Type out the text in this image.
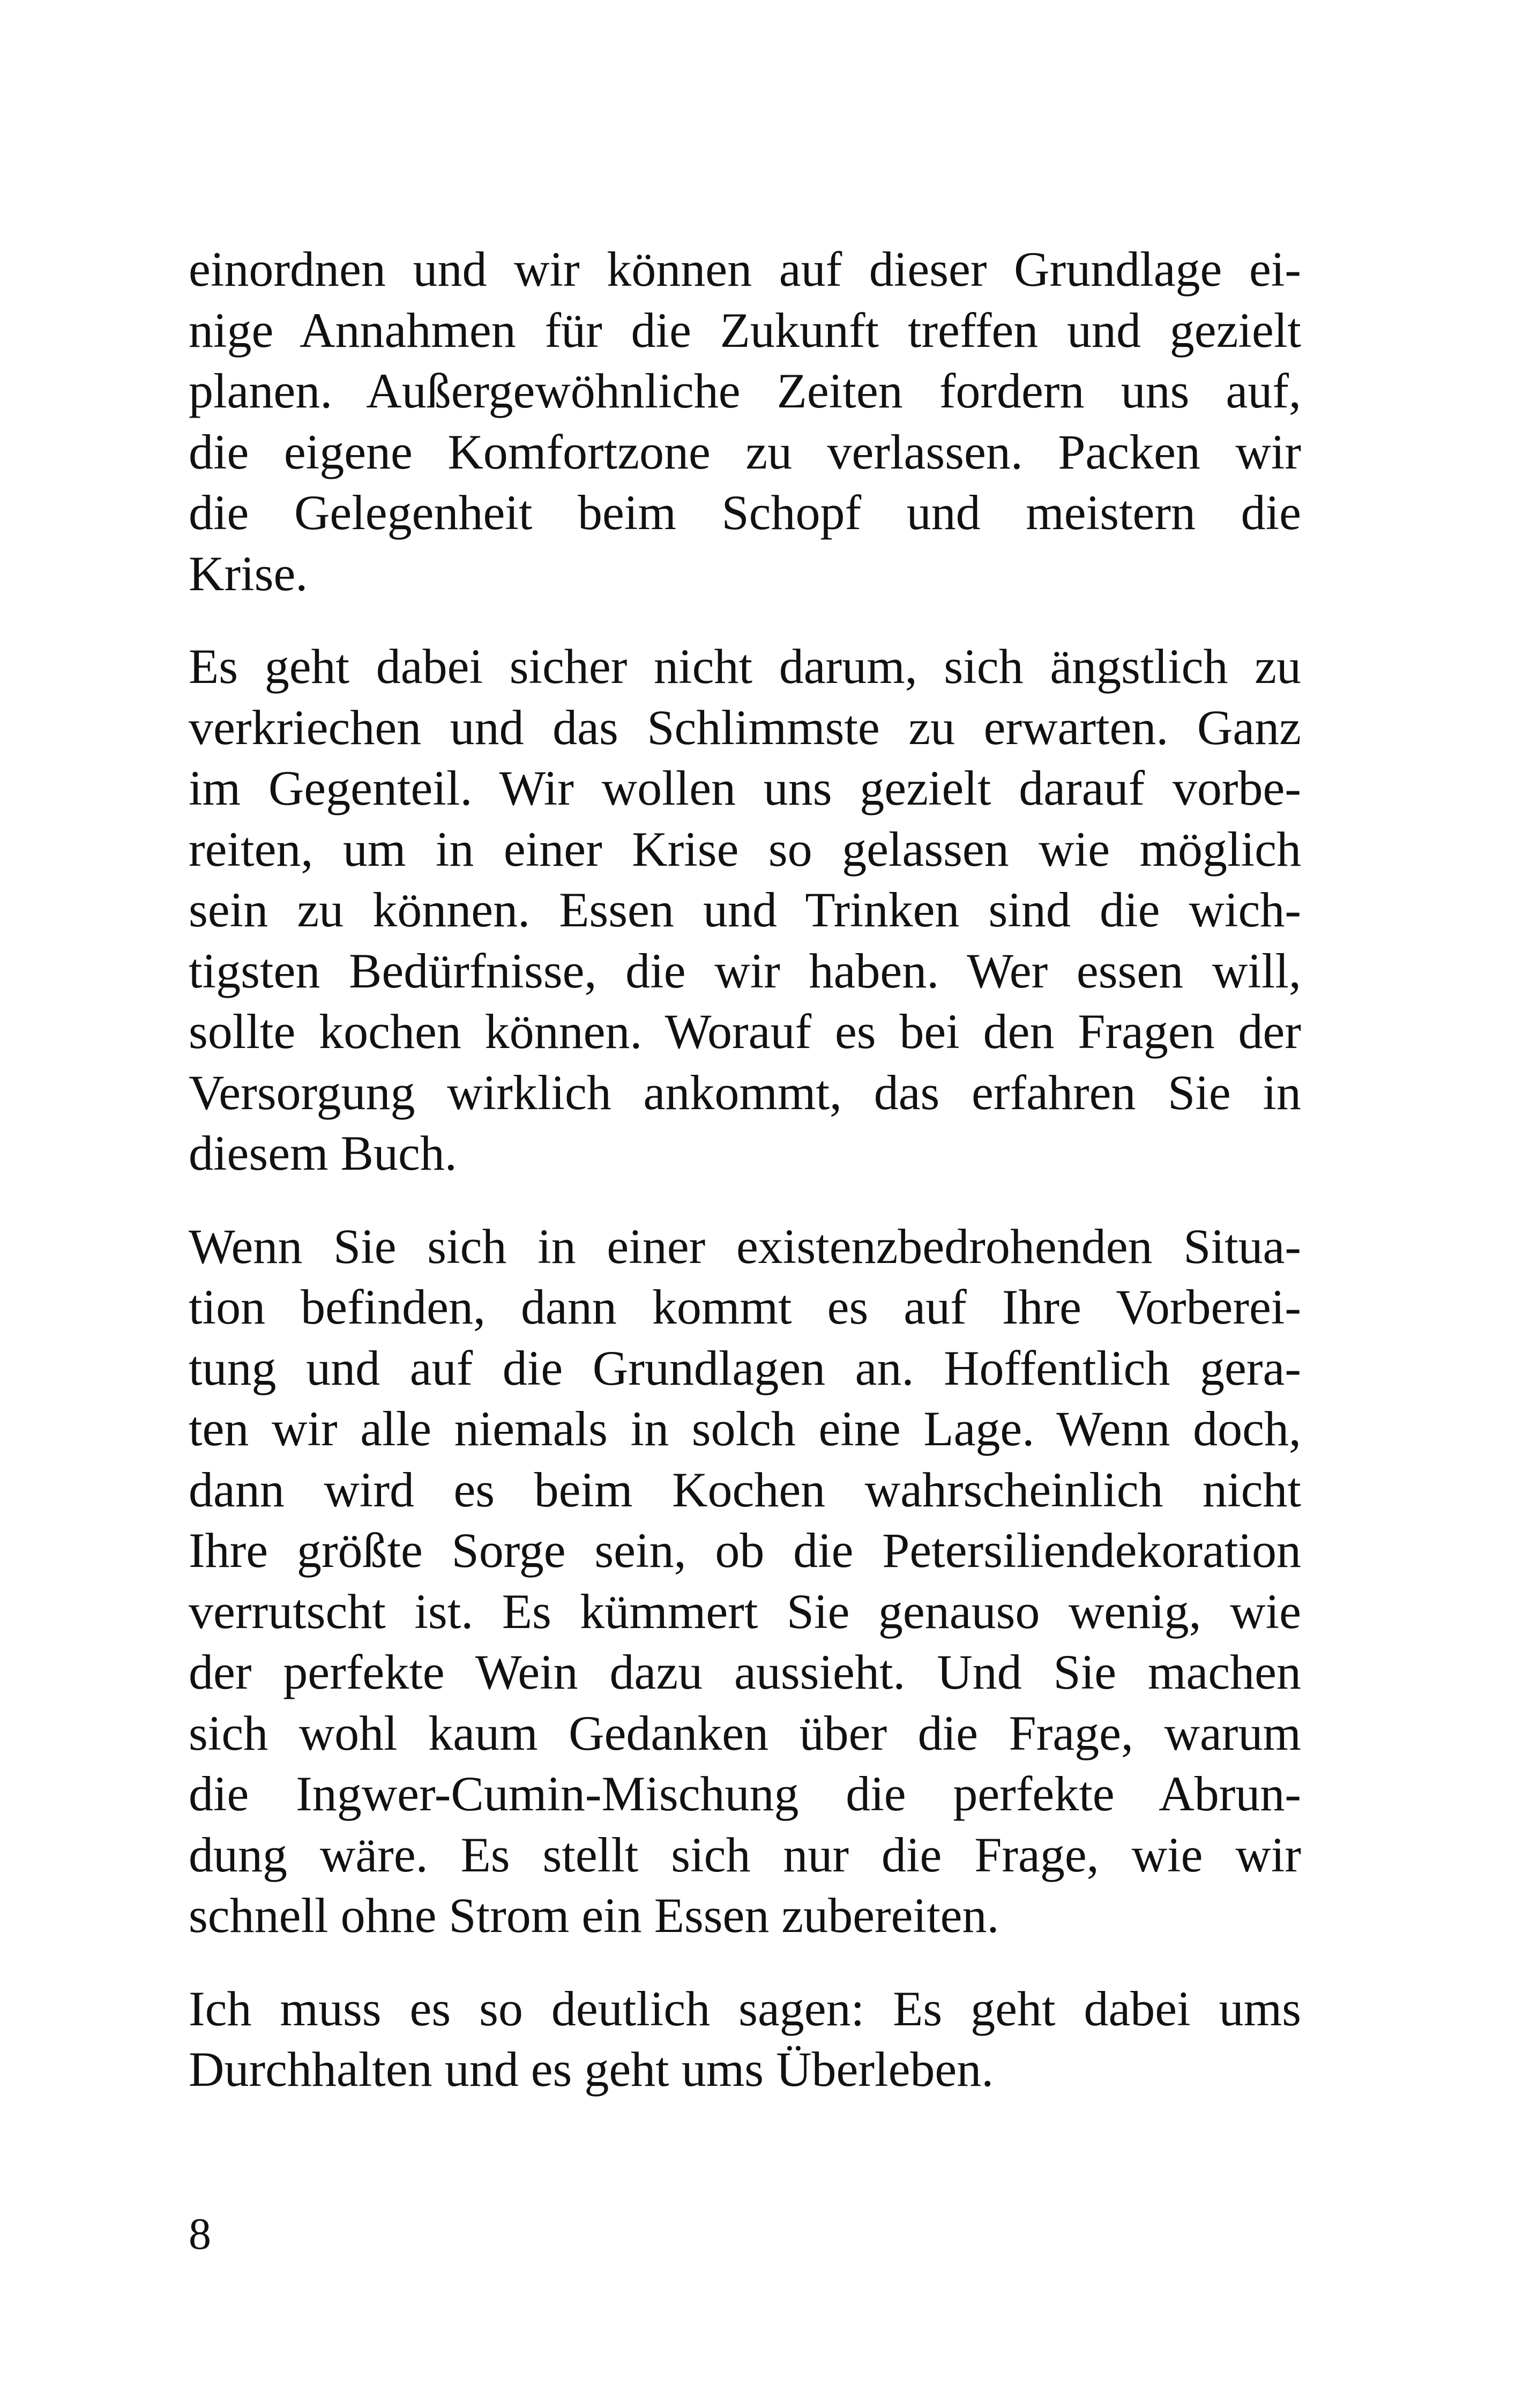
einordnen und wir können auf dieser Grundlage ei-
nige Annahmen für die Zukunft treffen und gezielt
planen. Außergewöhnliche Zeiten fordern uns auf,
die eigene Komfortzone zu verlassen. Packen wir
die Gelegenheit beim Schopf und meistern die
Krise.
Es geht dabei sicher nicht darum, sich ängstlich zu
verkriechen und das Schlimmste zu erwarten. Ganz
im Gegenteil. Wir wollen uns gezielt darauf vorbe-
reiten, um in einer Krise so gelassen wie möglich
sein zu können. Essen und Trinken sind die wich-
tigsten Bedürfnisse, die wir haben. Wer essen will,
sollte kochen können. Worauf es bei den Fragen der
Versorgung wirklich ankommt, das erfahren Sie in
diesem Buch.
Wenn Sie sich in einer existenzbedrohenden Situa-
tion befinden, dann kommt es auf Ihre Vorberei-
tung und auf die Grundlagen an. Hoffentlich gera-
ten wir alle niemals in solch eine Lage. Wenn doch,
dann wird es beim Kochen wahrscheinlich nicht
Ihre größte Sorge sein, ob die Petersiliendekoration
verrutscht ist. Es kümmert Sie genauso wenig, wie
der perfekte Wein dazu aussieht. Und Sie machen
sich wohl kaum Gedanken über die Frage, warum
die Ingwer-Cumin-Mischung die perfekte Abrun-
dung wäre. Es stellt sich nur die Frage, wie wir
schnell ohne Strom ein Essen zubereiten.
Ich muss es so deutlich sagen: Es geht dabei ums
Durchhalten und es geht ums Überleben.
8
